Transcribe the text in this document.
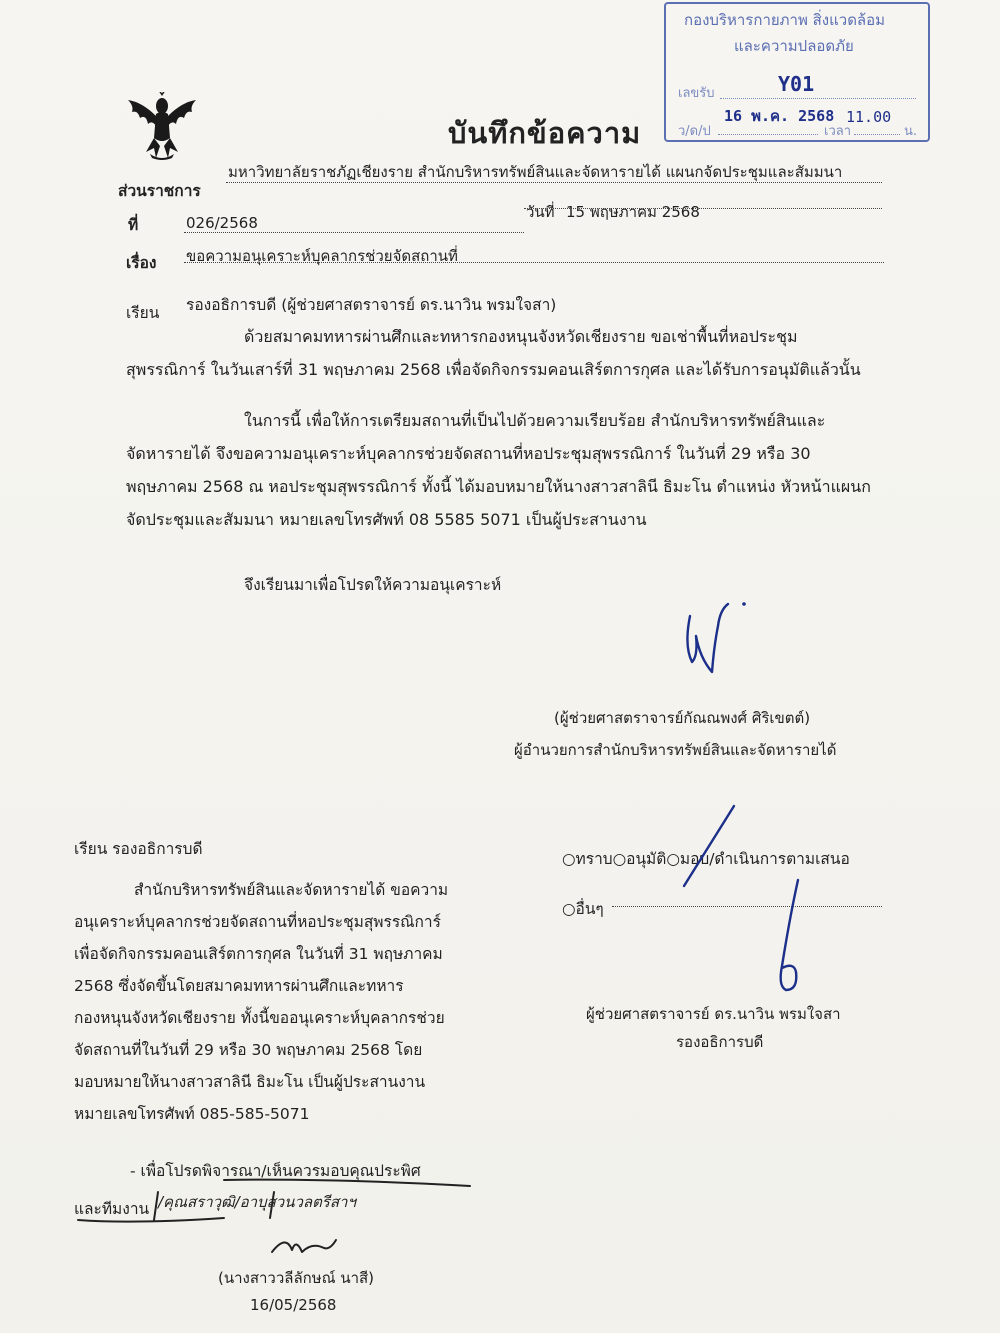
บันทึกข้อความ
กองบริหารกายภาพ สิ่งแวดล้อม
และความปลอดภัย
เลขรับ	Y01
ว/ด/ป
16 พ.ค. 2568
เวลา
11.00
น.
ส่วนราชการ
มหาวิทยาลัยราชภัฏเชียงราย สำนักบริหารทรัพย์สินและจัดหารายได้ แผนกจัดประชุมและสัมมนา
ที่	026/2568
วันที่ 15 พฤษภาคม 2568
เรื่อง ขอความอนุเคราะห์บุคลากรช่วยจัดสถานที่
เรียน รองอธิการบดี (ผู้ช่วยศาสตราจารย์ ดร.นาวิน พรมใจสา)
ด้วยสมาคมทหารผ่านศึกและทหารกองหนุนจังหวัดเชียงราย ขอเช่าพื้นที่หอประชุม
สุพรรณิการ์ ในวันเสาร์ที่ 31 พฤษภาคม 2568 เพื่อจัดกิจกรรมคอนเสิร์ตการกุศล และได้รับการอนุมัติแล้วนั้น
ในการนี้ เพื่อให้การเตรียมสถานที่เป็นไปด้วยความเรียบร้อย สำนักบริหารทรัพย์สินและ
จัดหารายได้ จึงขอความอนุเคราะห์บุคลากรช่วยจัดสถานที่หอประชุมสุพรรณิการ์ ในวันที่ 29 หรือ 30
พฤษภาคม 2568 ณ หอประชุมสุพรรณิการ์ ทั้งนี้ ได้มอบหมายให้นางสาวสาลินี ธิมะโน ตำแหน่ง หัวหน้าแผนก
จัดประชุมและสัมมนา หมายเลขโทรศัพท์ 08 5585 5071 เป็นผู้ประสานงาน
จึงเรียนมาเพื่อโปรดให้ความอนุเคราะห์
(ผู้ช่วยศาสตราจารย์กัณณพงศ์ ศิริเขตต์)
ผู้อำนวยการสำนักบริหารทรัพย์สินและจัดหารายได้
เรียน รองอธิการบดี
สำนักบริหารทรัพย์สินและจัดหารายได้ ขอความ
อนุเคราะห์บุคลากรช่วยจัดสถานที่หอประชุมสุพรรณิการ์
เพื่อจัดกิจกรรมคอนเสิร์ตการกุศล ในวันที่ 31 พฤษภาคม
2568 ซึ่งจัดขึ้นโดยสมาคมทหารผ่านศึกและทหาร
กองหนุนจังหวัดเชียงราย ทั้งนี้ขออนุเคราะห์บุคลากรช่วย
จัดสถานที่ในวันที่ 29 หรือ 30 พฤษภาคม 2568 โดย
มอบหมายให้นางสาวสาลินี ธิมะโน เป็นผู้ประสานงาน
หมายเลขโทรศัพท์ 085-585-5071
- เพื่อโปรดพิจารณา/เห็นควรมอบคุณประพิศ
และทีมงาน /คุณสราวุฒิ/อาบุสวนวลตรีสาฯ
(นางสาววลีลักษณ์ นาสี)
16/05/2568
○ทราบ○อนุมัติ○มอบ/ดำเนินการตามเสนอ
○อื่นๆ
ผู้ช่วยศาสตราจารย์ ดร.นาวิน พรมใจสา
รองอธิการบดี
